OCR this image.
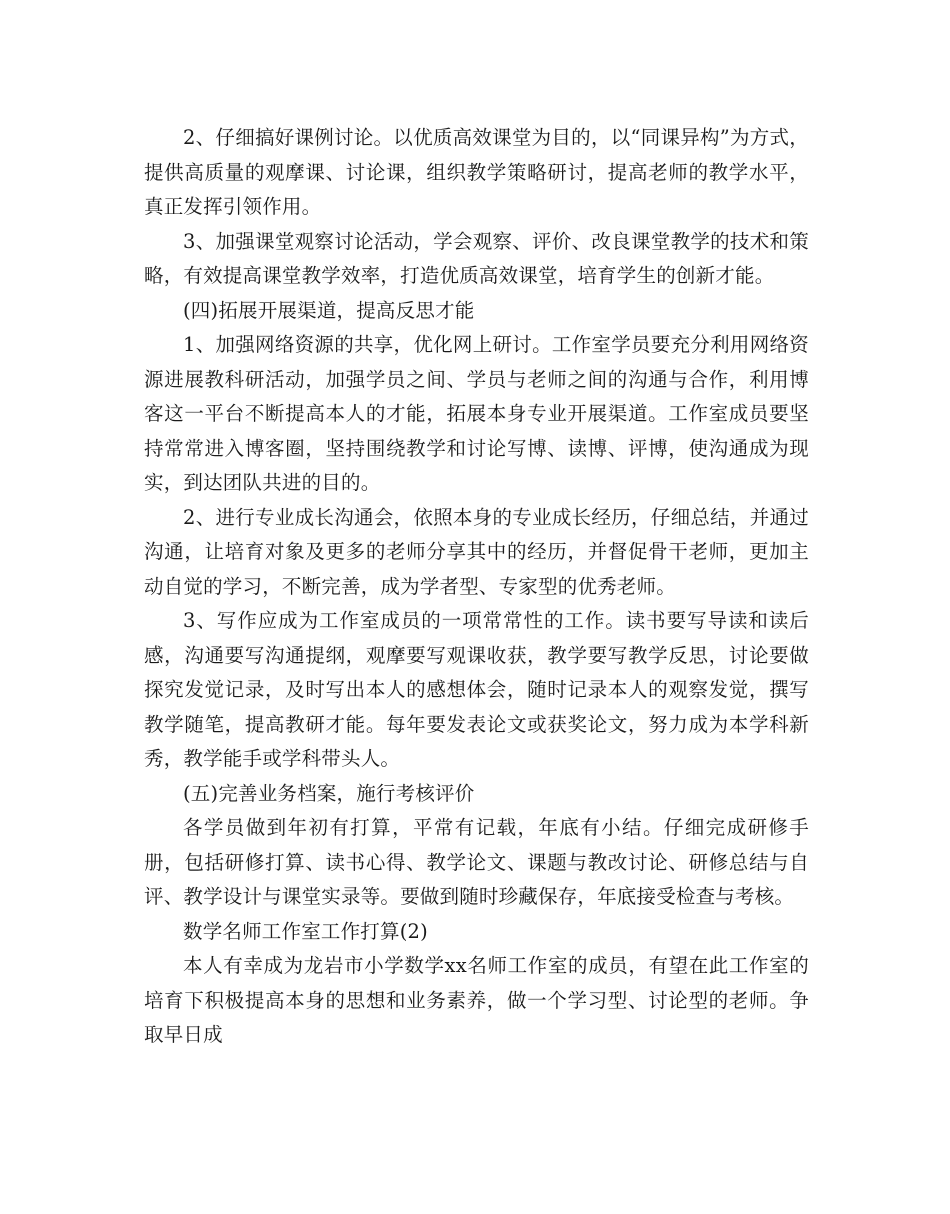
2、仔细搞好课例讨论。以优质高效课堂为目的，以“同课异构”为方式，提供高质量的观摩课、讨论课，组织教学策略研讨，提高老师的教学水平，真正发挥引领作用。

3、加强课堂观察讨论活动，学会观察、评价、改良课堂教学的技术和策略，有效提高课堂教学效率，打造优质高效课堂，培育学生的创新才能。

(四)拓展开展渠道，提高反思才能

1、加强网络资源的共享，优化网上研讨。工作室学员要充分利用网络资源进展教科研活动，加强学员之间、学员与老师之间的沟通与合作，利用博客这一平台不断提高本人的才能，拓展本身专业开展渠道。工作室成员要坚持常常进入博客圈，坚持围绕教学和讨论写博、读博、评博，使沟通成为现实，到达团队共进的目的。

2、进行专业成长沟通会，依照本身的专业成长经历，仔细总结，并通过沟通，让培育对象及更多的老师分享其中的经历，并督促骨干老师，更加主动自觉的学习，不断完善，成为学者型、专家型的优秀老师。

3、写作应成为工作室成员的一项常常性的工作。读书要写导读和读后感，沟通要写沟通提纲，观摩要写观课收获，教学要写教学反思，讨论要做探究发觉记录，及时写出本人的感想体会，随时记录本人的观察发觉，撰写教学随笔，提高教研才能。每年要发表论文或获奖论文，努力成为本学科新秀，教学能手或学科带头人。

(五)完善业务档案，施行考核评价

各学员做到年初有打算，平常有记载，年底有小结。仔细完成研修手册，包括研修打算、读书心得、教学论文、课题与教改讨论、研修总结与自评、教学设计与课堂实录等。要做到随时珍藏保存，年底接受检查与考核。

数学名师工作室工作打算(2)

本人有幸成为龙岩市小学数学xx名师工作室的成员，有望在此工作室的培育下积极提高本身的思想和业务素养，做一个学习型、讨论型的老师。争取早日成
